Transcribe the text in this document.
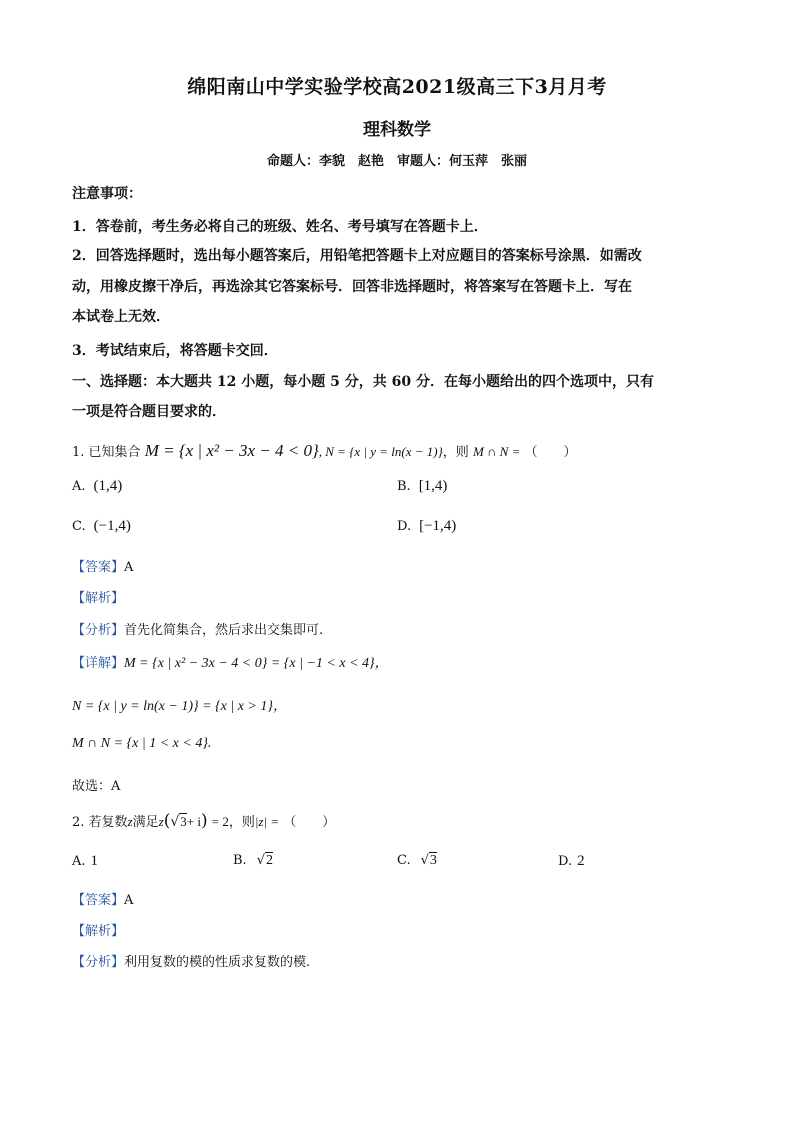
绵阳南山中学实验学校高2021级高三下3月月考
理科数学
命题人：李貌　赵艳　审题人：何玉萍　张丽
注意事项：
1．答卷前，考生务必将自己的班级、姓名、考号填写在答题卡上．
2．回答选择题时，选出每小题答案后，用铅笔把答题卡上对应题目的答案标号涂黑．如需改
动，用橡皮擦干净后，再选涂其它答案标号．回答非选择题时，将答案写在答题卡上．写在
本试卷上无效．
3．考试结束后，将答题卡交回．
一、选择题：本大题共 12 小题，每小题 5 分，共 60 分．在每小题给出的四个选项中，只有
一项是符合题目要求的．
1. 已知集合 M = {x | x² − 3x − 4 < 0}, N = {x | y = ln(x − 1)}，则 M ∩ N = （　　）
A. (1,4)	B. [1,4)
C. (−1,4)	D. [−1,4)
【答案】A
【解析】
【分析】首先化简集合，然后求出交集即可.
【详解】M = {x | x² − 3x − 4 < 0} = {x | −1 < x < 4}，
N = {x | y = ln(x − 1)} = {x | x > 1}，
M ∩ N = {x | 1 < x < 4}.
故选：A
2. 若复数z满足z(√3+ i) = 2，则|z| = （　　）
A. 1	B. √2	C. √3	D. 2
【答案】A
【解析】
【分析】利用复数的模的性质求复数的模.
